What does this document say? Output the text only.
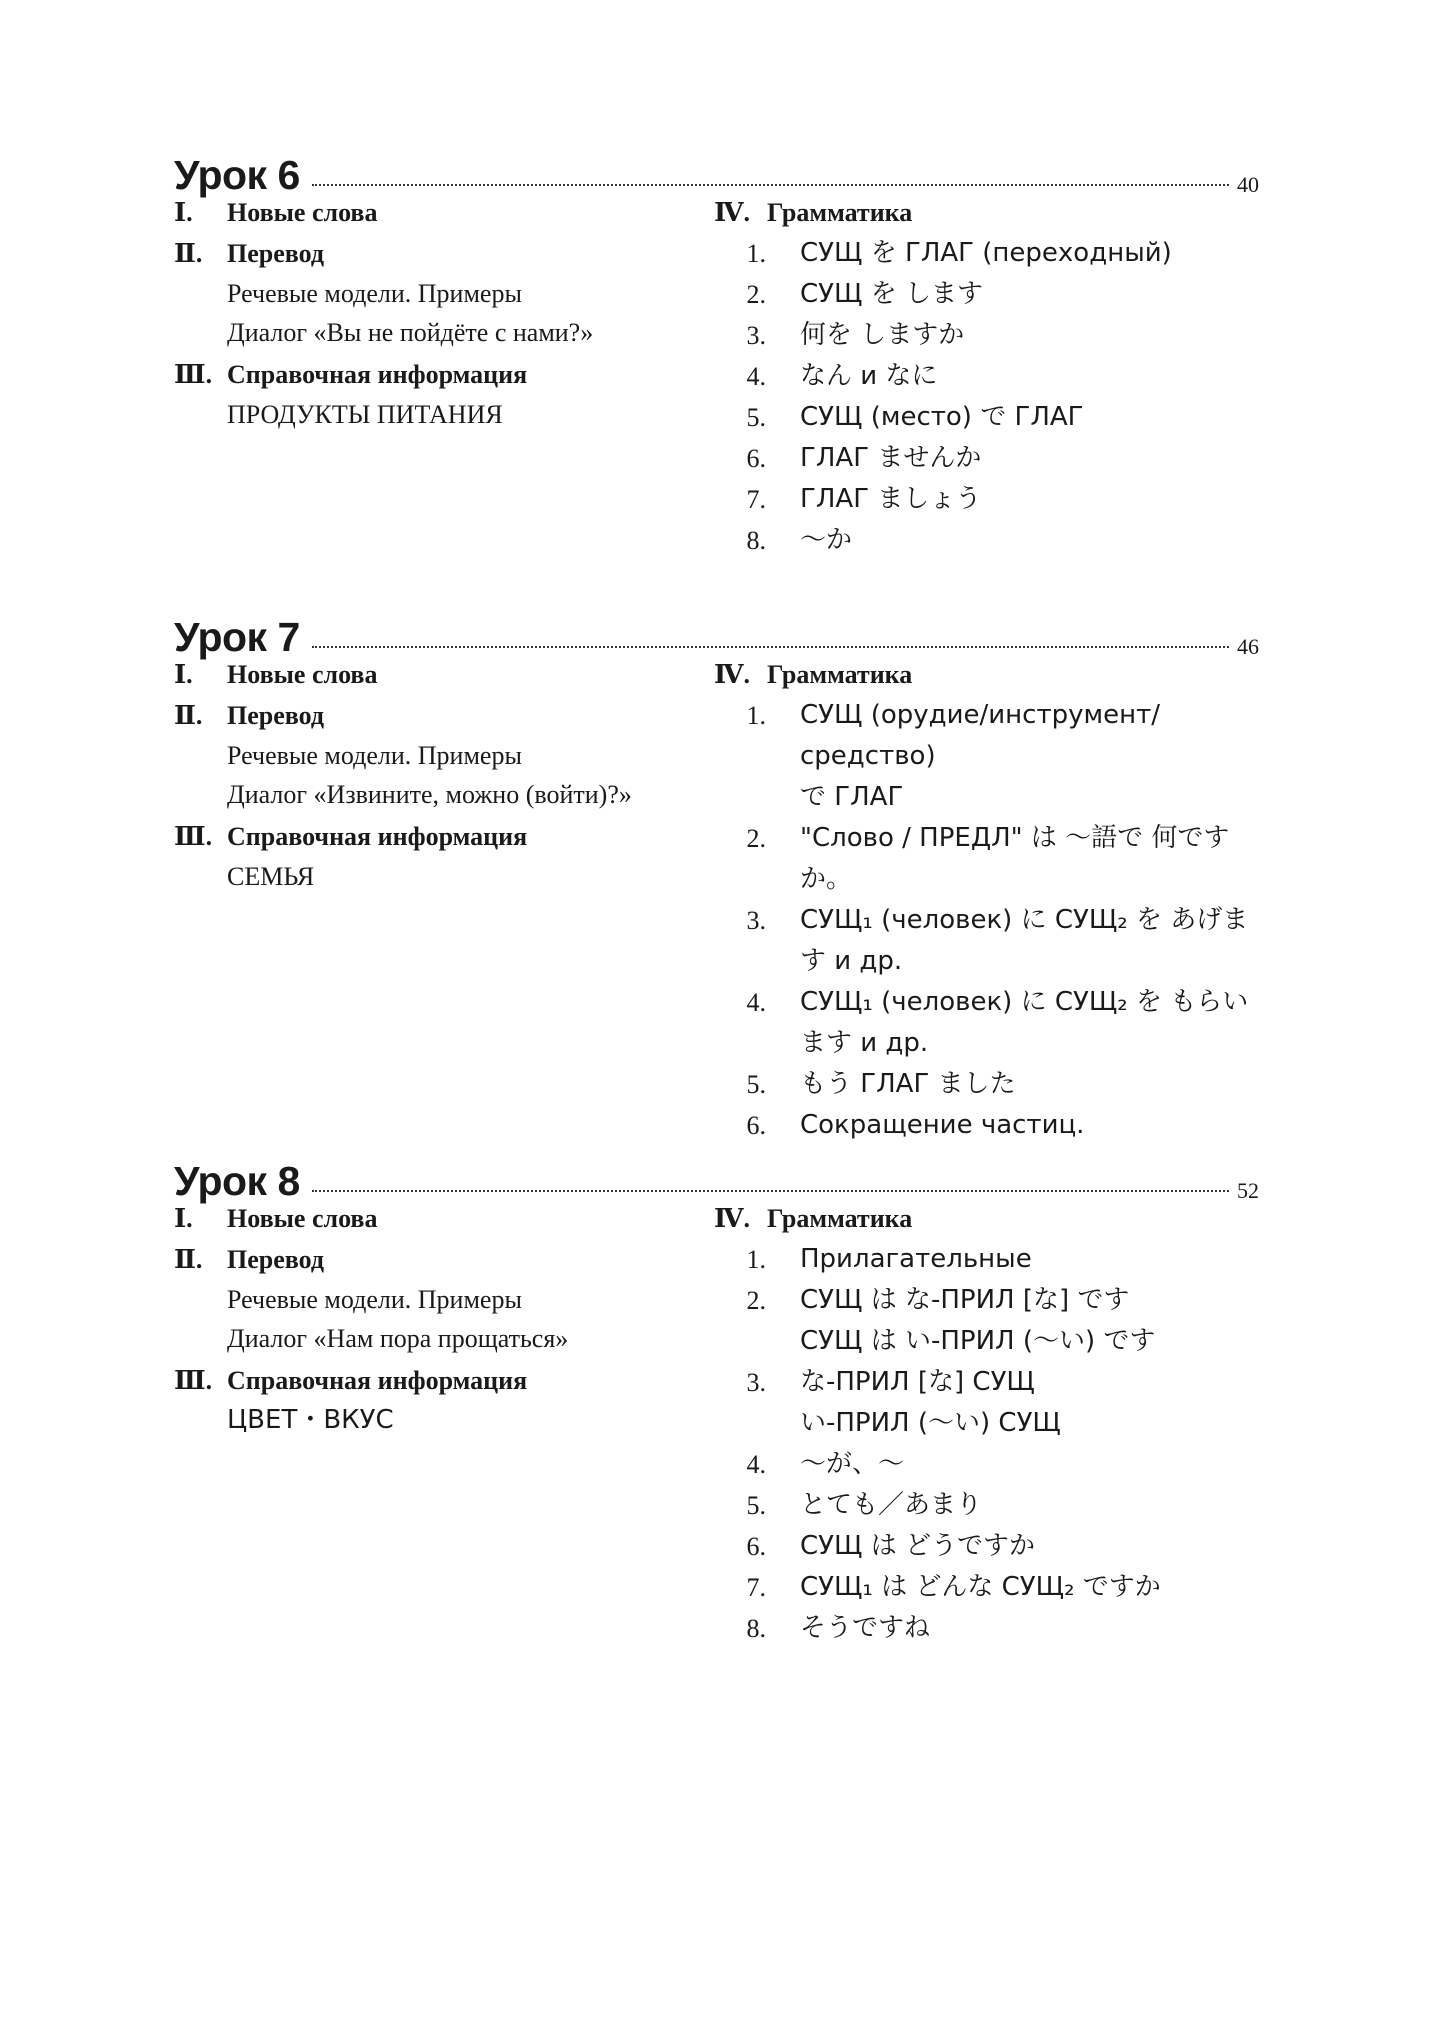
Урок 6	40
Ⅰ.	Новые слова
Ⅱ. Перевод
Речевые модели. Примеры
Диалог «Вы не пойдёте с нами?»
Ⅲ. Справочная информация
ПРОДУКТЫ ПИТАНИЯ
Ⅳ. Грамматика
1.	СУЩ を ГЛАГ (переходный)
2.	СУЩ を します
3.	何を しますか
4.	なん и なに
5.	СУЩ (место) で ГЛАГ
6.	ГЛАГ ませんか
7.	ГЛАГ ましょう
8.	～か
Урок 7	46
Ⅰ.	Новые слова
Ⅱ. Перевод
Речевые модели. Примеры
Диалог «Извините, можно (войти)?»
Ⅲ. Справочная информация
СЕМЬЯ
Ⅳ. Грамматика
1.	СУЩ (орудие/инструмент/средство)
で ГЛАГ
2.	"Слово / ПРЕДЛ" は ～語で 何です
か。
3.	СУЩ₁ (человек) に СУЩ₂ を あげま
す и др.
4.	СУЩ₁ (человек) に СУЩ₂ を もらい
ます и др.
5.	もう ГЛАГ ました
6.	Сокращение частиц.
Урок 8	52
Ⅰ.	Новые слова
Ⅱ. Перевод
Речевые модели. Примеры
Диалог «Нам пора прощаться»
Ⅲ. Справочная информация
ЦВЕТ・ВКУС
Ⅳ. Грамматика
1.	Прилагательные
2.	СУЩ は な-ПРИЛ [な] です
СУЩ は い-ПРИЛ (～い) です
3.	な-ПРИЛ [な] СУЩ
い-ПРИЛ (～い) СУЩ
4.	～が、～
5.	とても／あまり
6.	СУЩ は どうですか
7.	СУЩ₁ は どんな СУЩ₂ ですか
8.	そうですね
